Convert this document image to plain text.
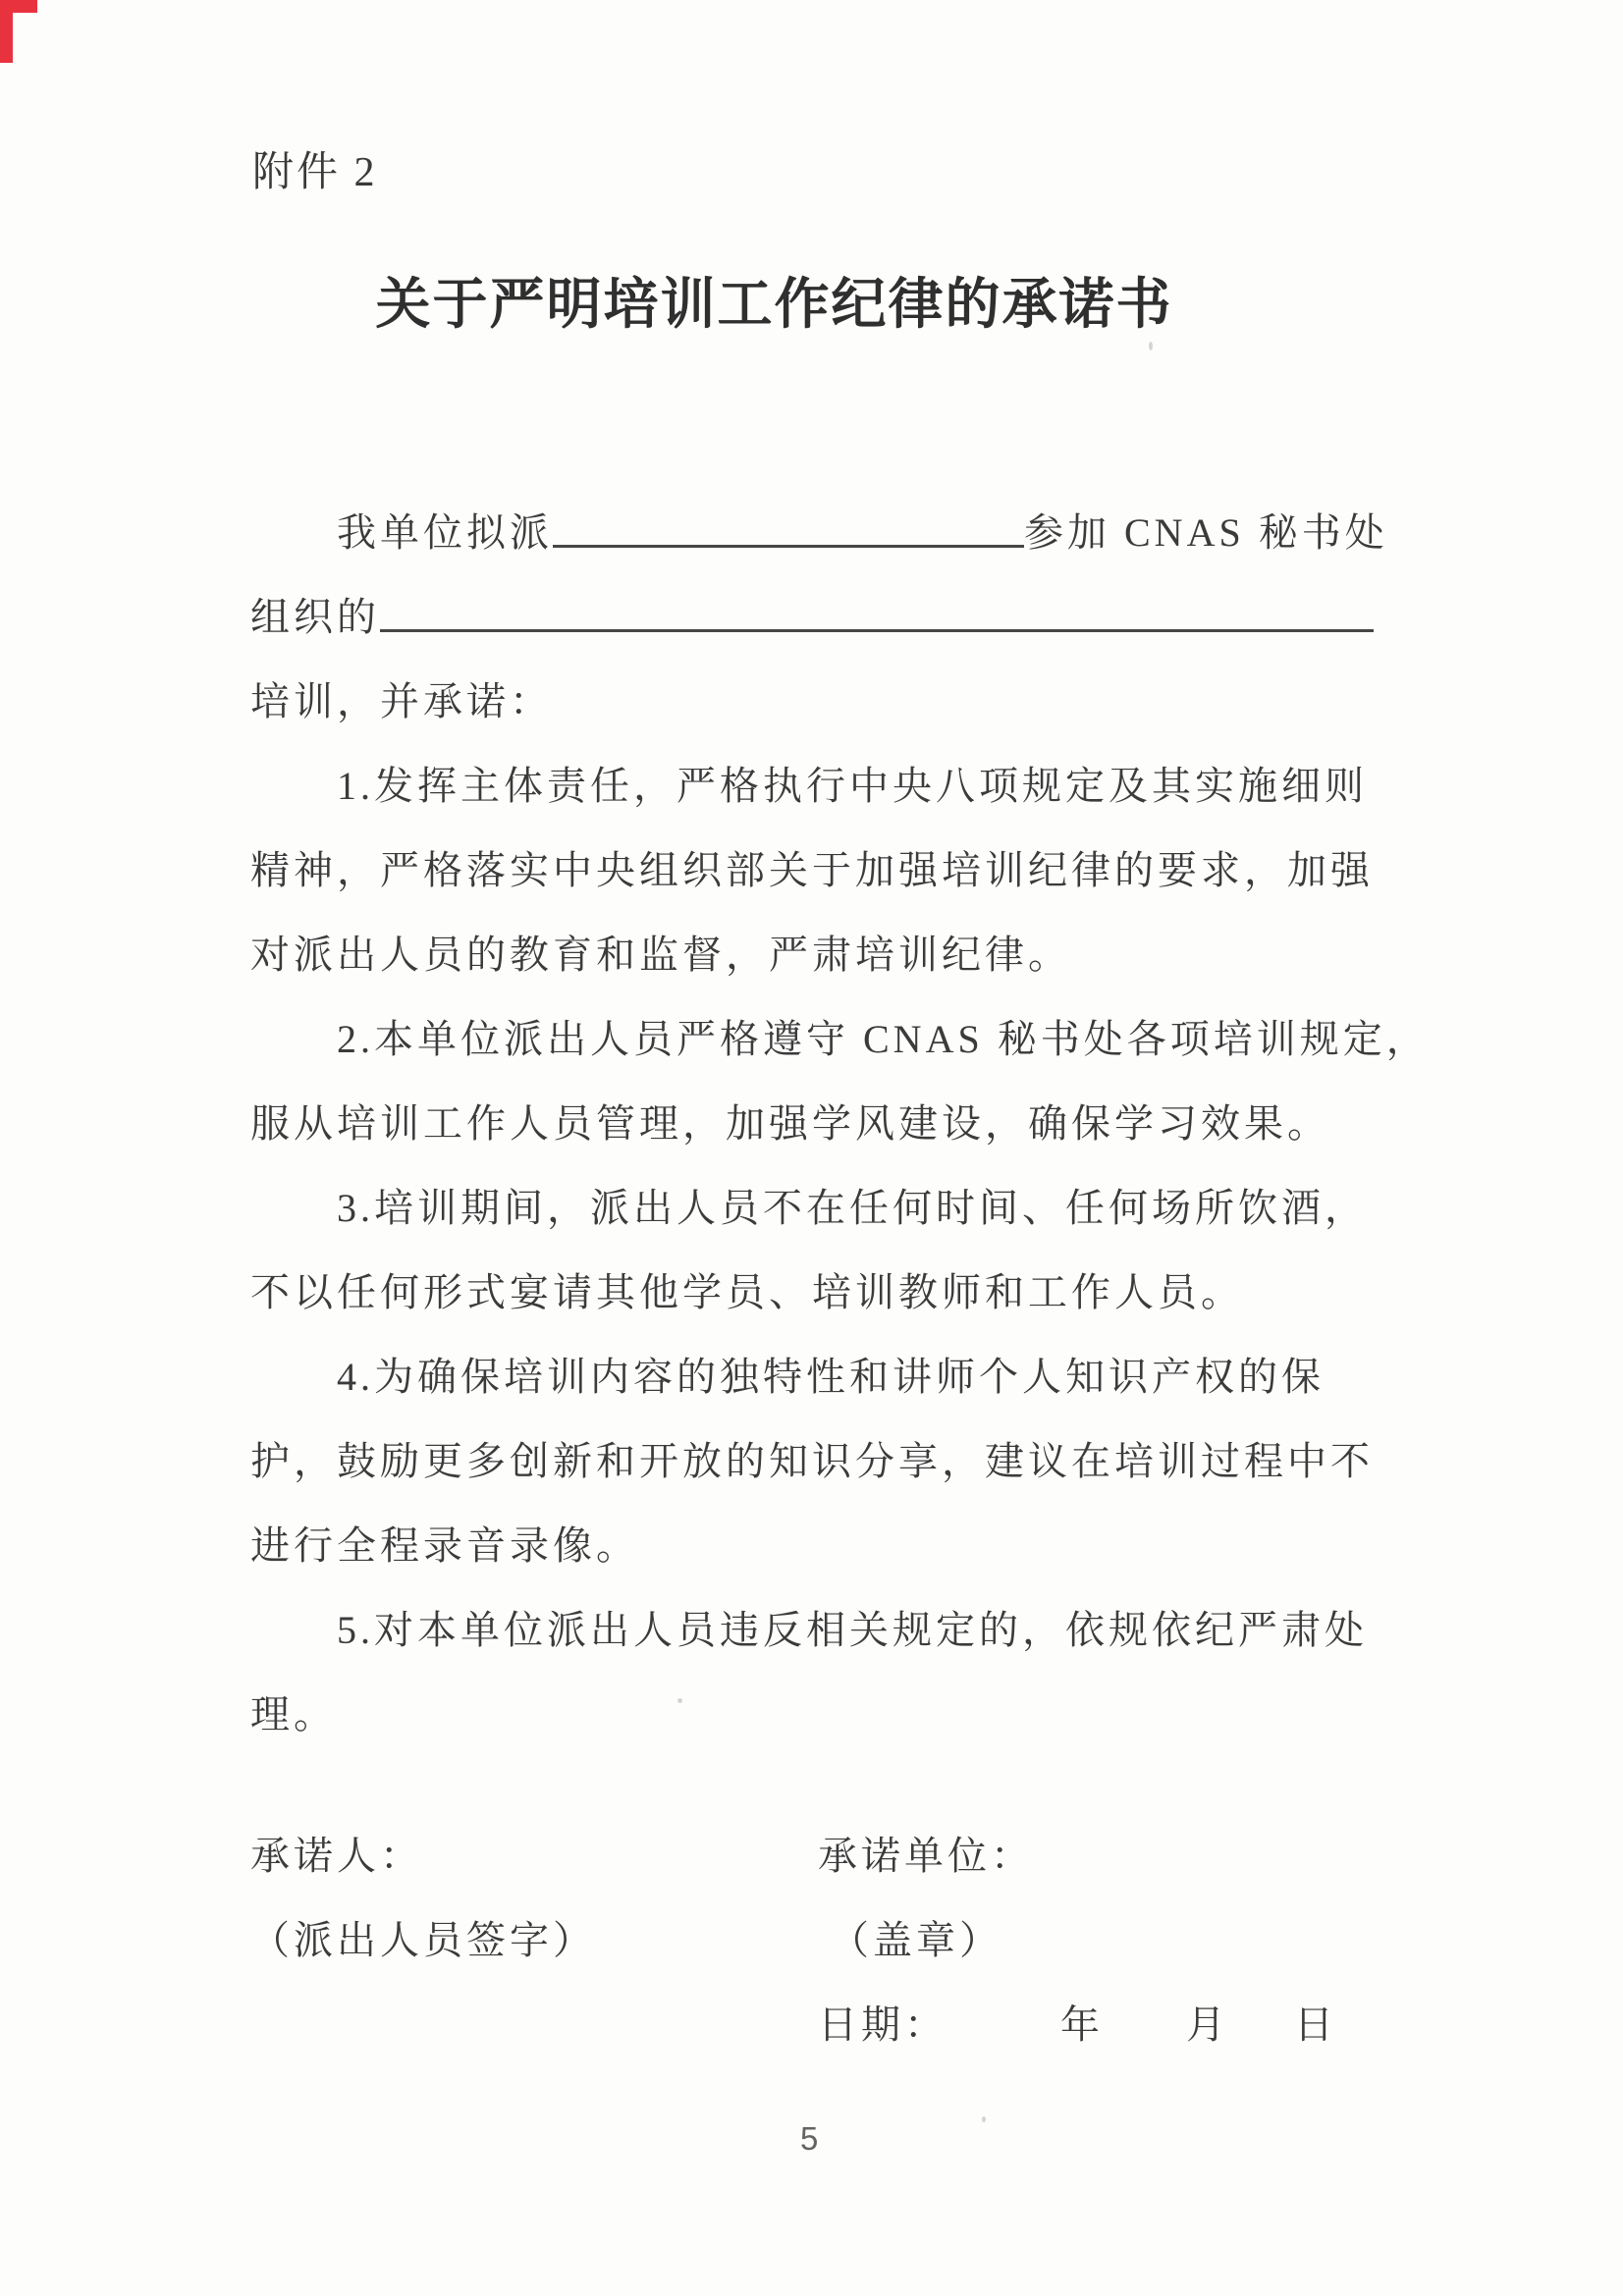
附件 2
关于严明培训工作纪律的承诺书
我单位拟派	参加 CNAS 秘书处
组织的
培训，并承诺：
1.发挥主体责任，严格执行中央八项规定及其实施细则
精神，严格落实中央组织部关于加强培训纪律的要求，加强
对派出人员的教育和监督，严肃培训纪律。
2.本单位派出人员严格遵守 CNAS 秘书处各项培训规定，
服从培训工作人员管理，加强学风建设，确保学习效果。
3.培训期间，派出人员不在任何时间、任何场所饮酒，
不以任何形式宴请其他学员、培训教师和工作人员。
4.为确保培训内容的独特性和讲师个人知识产权的保
护，鼓励更多创新和开放的知识分享，建议在培训过程中不
进行全程录音录像。
5.对本单位派出人员违反相关规定的，依规依纪严肃处
理。
承诺人：	承诺单位：
（派出人员签字）	（盖章）
日期：	年 月 日
5
